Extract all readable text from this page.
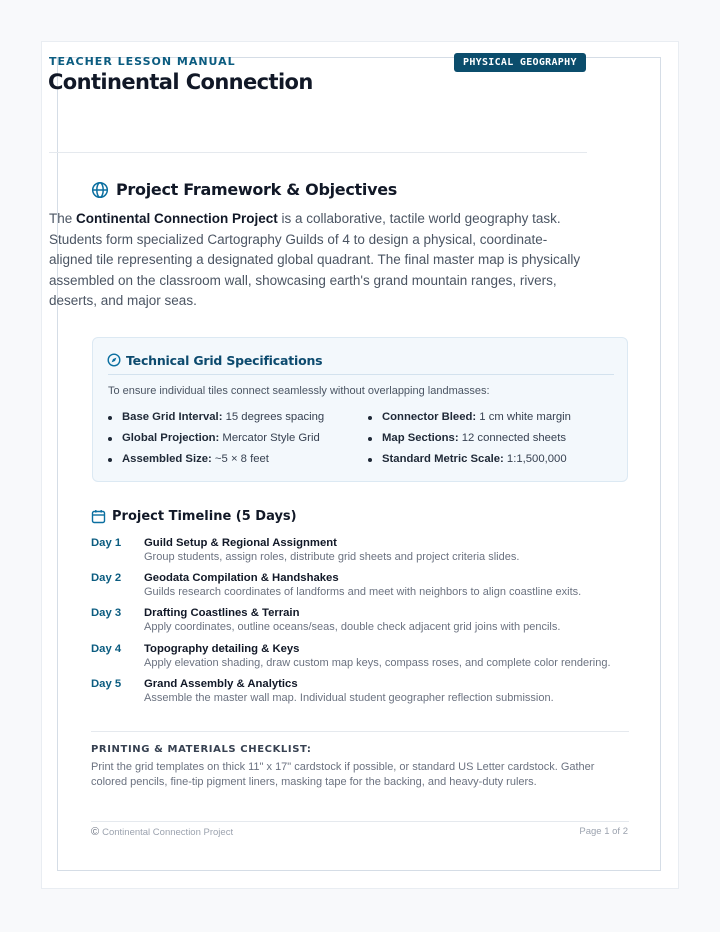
TEACHER LESSON MANUAL	PHYSICAL GEOGRAPHY
Continental Connection
Project Framework & Objectives

The Continental Connection Project is a collaborative, tactile world geography task. Students form specialized Cartography Guilds of 4 to design a physical, coordinate-aligned tile representing a designated global quadrant. The final master map is physically assembled on the classroom wall, showcasing earth's grand mountain ranges, rivers, deserts, and major seas.

Technical Grid Specifications
To ensure individual tiles connect seamlessly without overlapping landmasses:
Base Grid Interval: 15 degrees spacing
Global Projection: Mercator Style Grid
Assembled Size: ~5 × 8 feet
Connector Bleed: 1 cm white margin
Map Sections: 12 connected sheets
Standard Metric Scale: 1:1,500,000
Project Timeline (5 Days)
Day 1 Guild Setup & Regional Assignment
Group students, assign roles, distribute grid sheets and project criteria slides.
Day 2 Geodata Compilation & Handshakes
Guilds research coordinates of landforms and meet with neighbors to align coastline exits.
Day 3 Drafting Coastlines & Terrain
Apply coordinates, outline oceans/seas, double check adjacent grid joins with pencils.
Day 4 Topography detailing & Keys
Apply elevation shading, draw custom map keys, compass roses, and complete color rendering.
Day 5 Grand Assembly & Analytics
Assemble the master wall map. Individual student geographer reflection submission.
PRINTING & MATERIALS CHECKLIST:

Print the grid templates on thick 11" x 17" cardstock if possible, or standard US Letter cardstock. Gather colored pencils, fine-tip pigment liners, masking tape for the backing, and heavy-duty rulers.

© Continental Connection Project	Page 1 of 2
